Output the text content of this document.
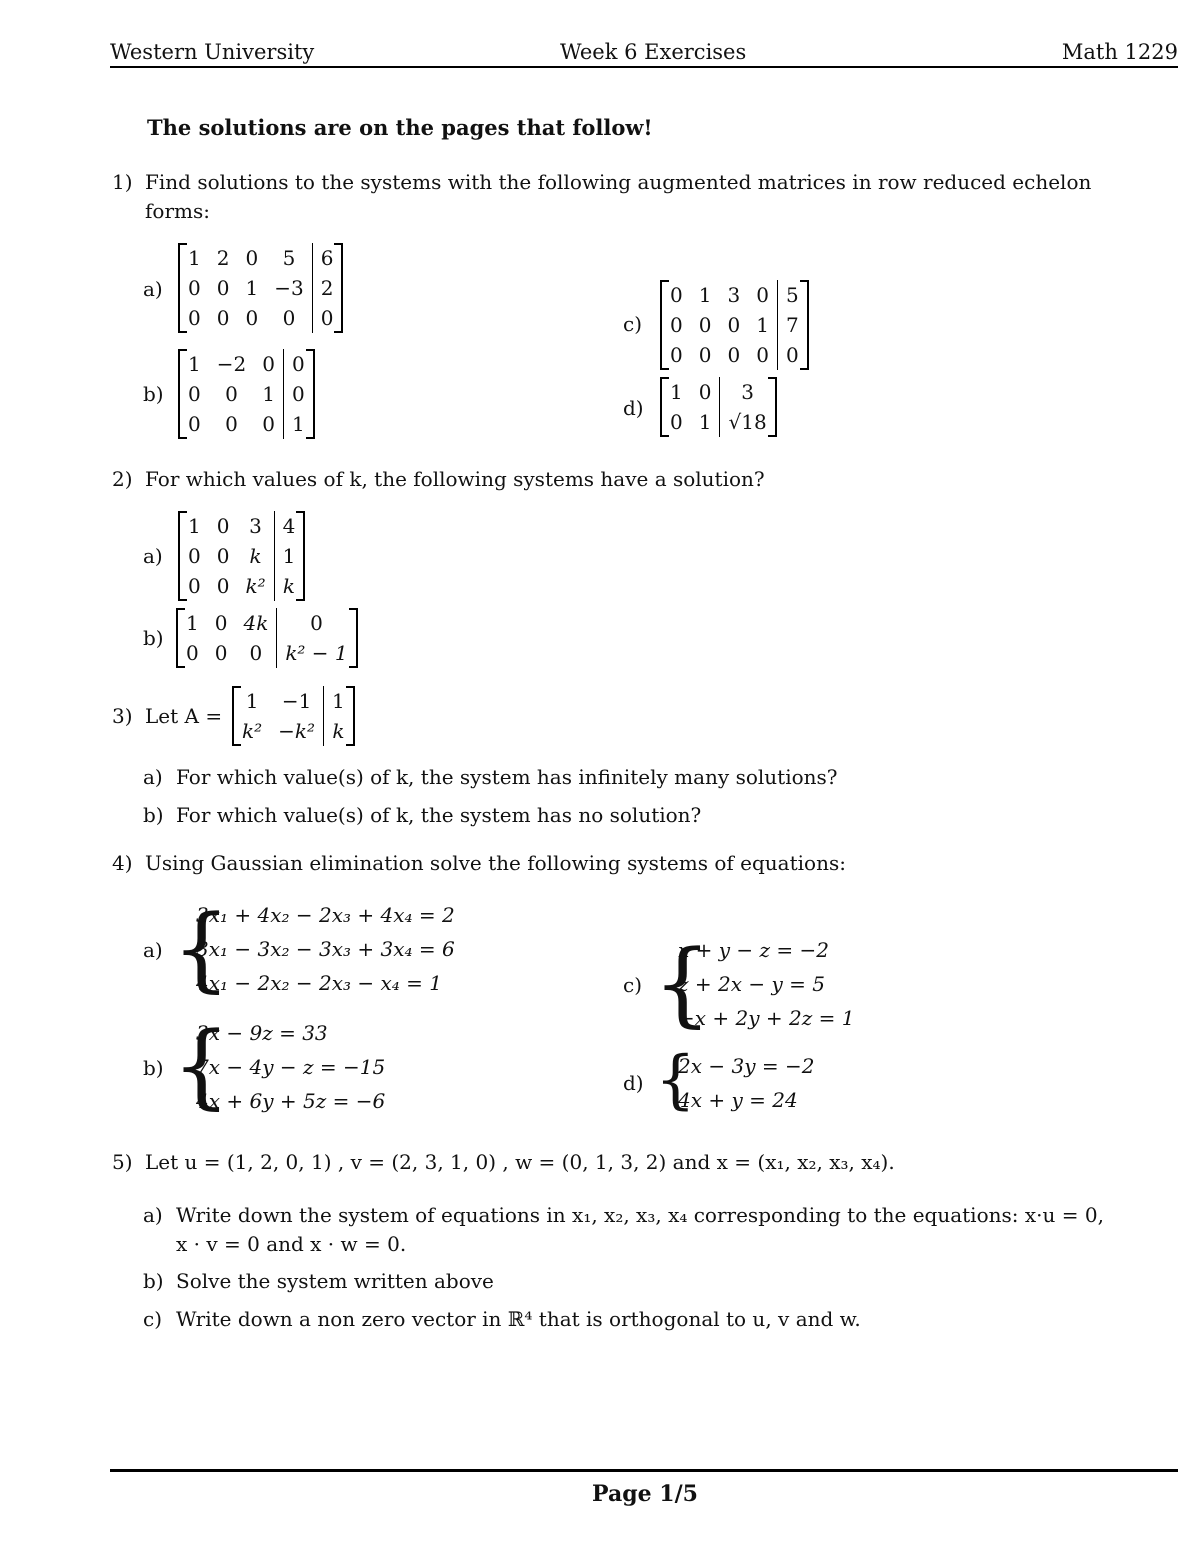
Western University	Week 6 Exercises	Math 1229
The solutions are on the pages that follow!
1) Find solutions to the systems with the following augmented matrices in row reduced echelon
forms:
a)
1	2	0	5	6
0	0	1	−3	2
0	0	0	0	0
b)
1	−2	0	0
0	0	1	0
0	0	0	1
c)
0	1	3	0	5
0	0	0	1	7
0	0	0	0	0
d)
1	0	3
0	1	√18
2) For which values of k, the following systems have a solution?
a)
1	0	3	4
0	0	k	1
0	0	k²	k
b)
1	0	4k	0
0	0	0	k² − 1
3) Let A =
1	−1	1
k²	−k²	k
a) For which value(s) of k, the system has infinitely many solutions?
b) For which value(s) of k, the system has no solution?
4) Using Gaussian elimination solve the following systems of equations:
a) {
3x₁ + 4x₂ − 2x₃ + 4x₄ = 2
3x₁ − 3x₂ − 3x₃ + 3x₄ = 6
4x₁ − 2x₂ − 2x₃ − x₄ = 1
b) {
3x − 9z = 33
7x − 4y − z = −15
4x + 6y + 5z = −6
c) {
x + y − z = −2
z + 2x − y = 5
−x + 2y + 2z = 1
d) {
2x − 3y = −2
4x + y = 24
5) Let u = (1, 2, 0, 1) , v = (2, 3, 1, 0) , w = (0, 1, 3, 2) and x = (x₁, x₂, x₃, x₄).
a) Write down the system of equations in x₁, x₂, x₃, x₄ corresponding to the equations: x·u = 0,
x · v = 0 and x · w = 0.
b) Solve the system written above
c) Write down a non zero vector in ℝ⁴ that is orthogonal to u, v and w.
Page 1/5
